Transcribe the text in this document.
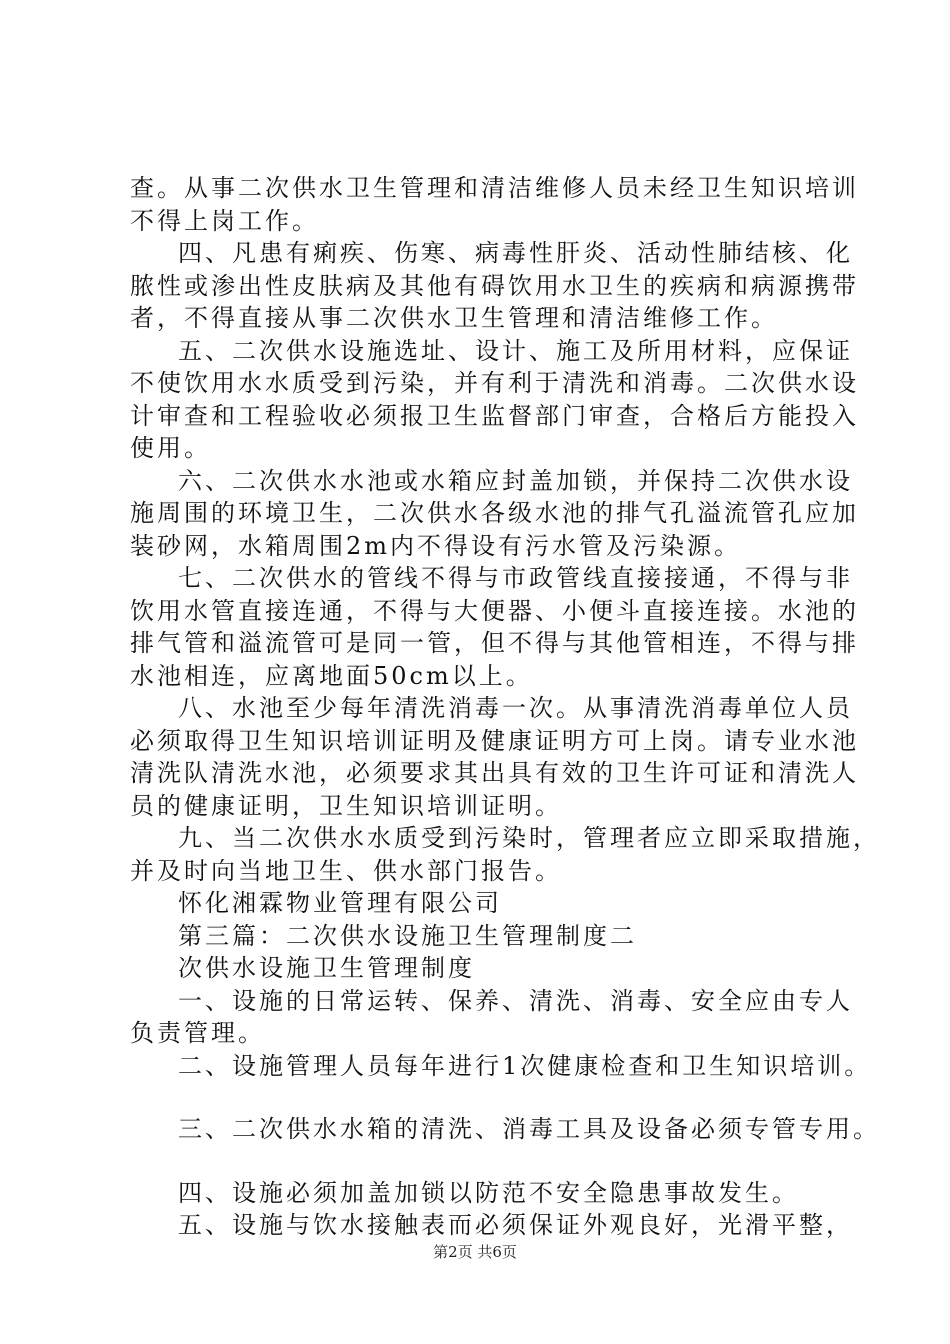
查。从事二次供水卫生管理和清洁维修人员未经卫生知识培训
不得上岗工作。
四、凡患有痢疾、伤寒、病毒性肝炎、活动性肺结核、化
脓性或渗出性皮肤病及其他有碍饮用水卫生的疾病和病源携带
者，不得直接从事二次供水卫生管理和清洁维修工作。
五、二次供水设施选址、设计、施工及所用材料，应保证
不使饮用水水质受到污染，并有利于清洗和消毒。二次供水设
计审查和工程验收必须报卫生监督部门审查，合格后方能投入
使用。
六、二次供水水池或水箱应封盖加锁，并保持二次供水设
施周围的环境卫生，二次供水各级水池的排气孔溢流管孔应加
装砂网，水箱周围2m内不得设有污水管及污染源。
七、二次供水的管线不得与市政管线直接接通，不得与非
饮用水管直接连通，不得与大便器、小便斗直接连接。水池的
排气管和溢流管可是同一管，但不得与其他管相连，不得与排
水池相连，应离地面50cm以上。
八、水池至少每年清洗消毒一次。从事清洗消毒单位人员
必须取得卫生知识培训证明及健康证明方可上岗。请专业水池
清洗队清洗水池，必须要求其出具有效的卫生许可证和清洗人
员的健康证明，卫生知识培训证明。
九、当二次供水水质受到污染时，管理者应立即采取措施，
并及时向当地卫生、供水部门报告。
怀化湘霖物业管理有限公司
第三篇：二次供水设施卫生管理制度二
次供水设施卫生管理制度
一、设施的日常运转、保养、清洗、消毒、安全应由专人
负责管理。
二、设施管理人员每年进行1次健康检查和卫生知识培训。
三、二次供水水箱的清洗、消毒工具及设备必须专管专用。
四、设施必须加盖加锁以防范不安全隐患事故发生。
五、设施与饮水接触表而必须保证外观良好，光滑平整，
第2页 共6页
